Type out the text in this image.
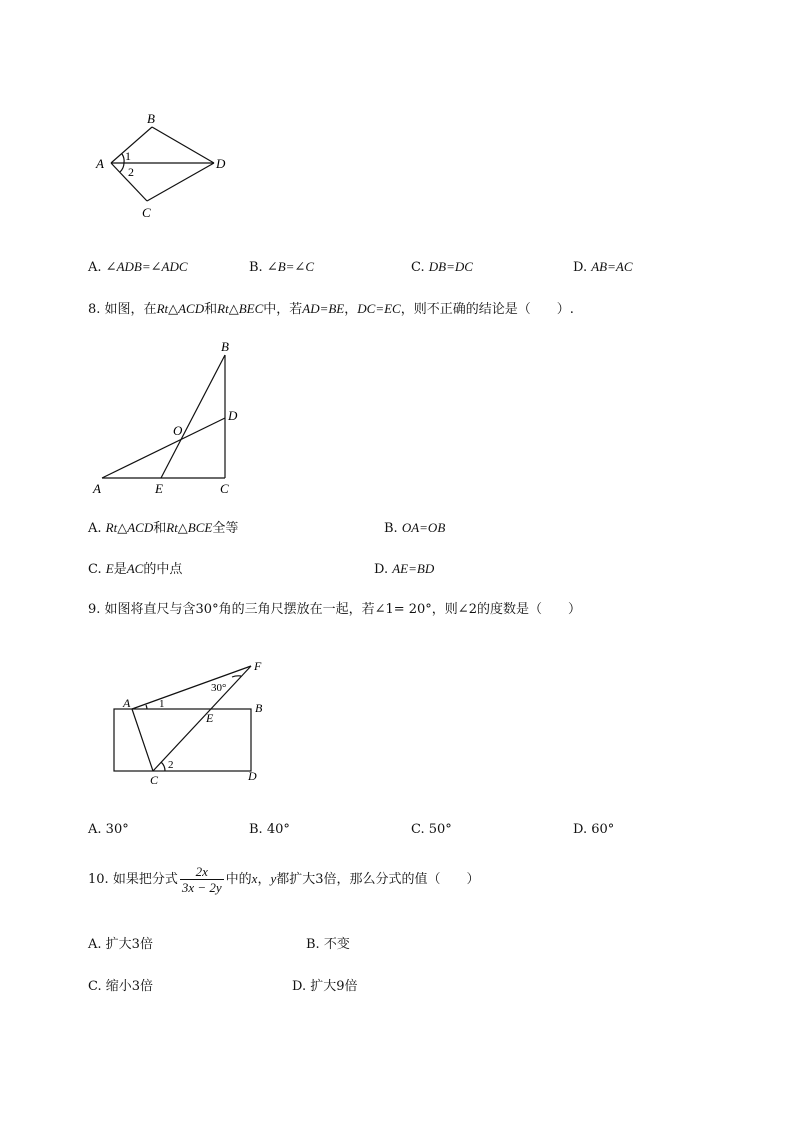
B
A	D
C
1
2
A. ∠ADB=∠ADC	B. ∠B=∠C	C. DB=DC	D. AB=AC
8. 如图，在Rt△ACD和Rt△BEC中，若AD=BE，DC=EC，则不正确的结论是（　　）.
B
D
O
A	E	C
A. Rt△ACD和Rt△BCE全等	B. OA=OB
C. E是AC的中点	D. AE=BD
9. 如图将直尺与含30°角的三角尺摆放在一起，若∠1= 20°，则∠2的度数是（　　）
F
30°
A	1
E
B
C
2
D
A. 30°	B. 40°	C. 50°	D. 60°
10. 如果把分式 $\frac{2x}{3x - 2y}$ 中的x，y都扩大3倍，那么分式的值（　　）
A. 扩大3倍	B. 不变
C. 缩小3倍	D. 扩大9倍
